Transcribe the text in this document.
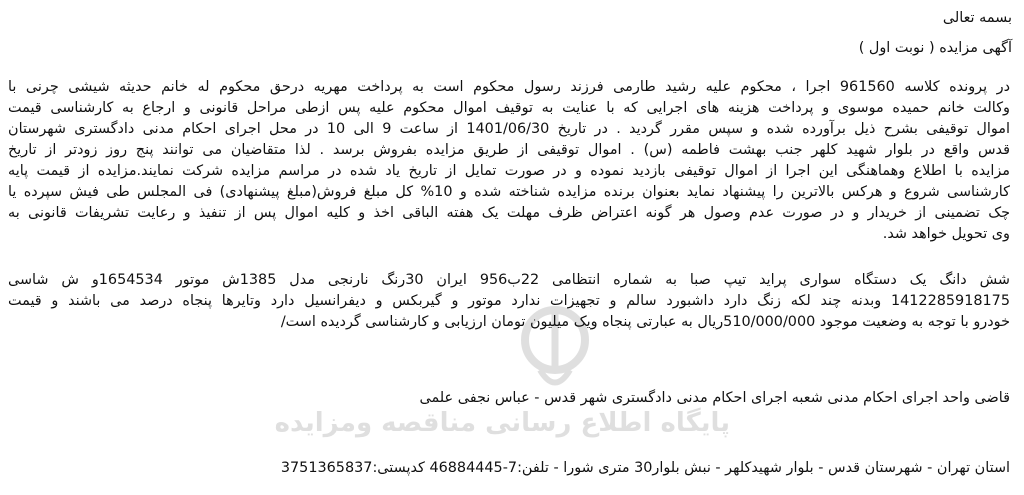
پایگاه اطلاع رسانی مناقصه ومزایده
بسمه تعالی
آگهی مزایده ( نوبت اول )
در پرونده کلاسه 961560 اجرا ، محکوم علیه رشید طارمی فرزند رسول محکوم است به پرداخت مهریه درحق محکوم له خانم حدیثه شیشی چرنی با
وکالت خانم حمیده موسوی و پرداخت هزینه های اجرایی که با عنایت به توقیف اموال محکوم علیه پس ازطی مراحل قانونی و ارجاع به کارشناسی قیمت
اموال توقیفی بشرح ذیل برآورده شده و سپس مقرر گردید . در تاریخ 1401/06/30 از ساعت 9 الی 10 در محل اجرای احکام مدنی دادگستری شهرستان
قدس واقع در بلوار شهید کلهر جنب بهشت فاطمه (س) . اموال توقیفی از طریق مزایده بفروش برسد . لذا متقاضیان می توانند پنج روز زودتر از تاریخ
مزایده با اطلاع وهماهنگی این اجرا از اموال توقیفی بازدید نموده و در صورت تمایل از تاریخ یاد شده در مراسم مزایده شرکت نمایند.مزایده از قیمت پایه
کارشناسی شروع و هرکس بالاترین را پیشنهاد نماید بعنوان برنده مزایده شناخته شده و 10% کل مبلغ فروش(مبلغ پیشنهادی) فی المجلس طی فیش سپرده یا
چک تضمینی از خریدار و در صورت عدم وصول هر گونه اعتراض ظرف مهلت یک هفته الباقی اخذ و کلیه اموال پس از تنفیذ و رعایت تشریفات قانونی به
وی تحویل خواهد شد.
شش دانگ یک دستگاه سواری پراید تیپ صبا به شماره انتظامی 22ب956 ایران 30رنگ نارنجی مدل 1385ش موتور 1654534و ش شاسی
1412285918175 وبدنه چند لکه زنگ دارد داشبورد سالم و تجهیزات ندارد موتور و گیربکس و دیفرانسیل دارد وتایرها پنجاه درصد می باشند و قیمت
خودرو با توجه به وضعیت موجود 510/000/000ریال به عبارتی پنجاه ویک میلیون تومان ارزیابی و کارشناسی گردیده است/
قاضی واحد اجرای احکام مدنی شعبه اجرای احکام مدنی دادگستری شهر قدس - عباس نجفی علمی
استان تهران - شهرستان قدس - بلوار شهیدکلهر - نبش بلوار30 متری شورا - تلفن:7-46884445 کدپستی:3751365837
